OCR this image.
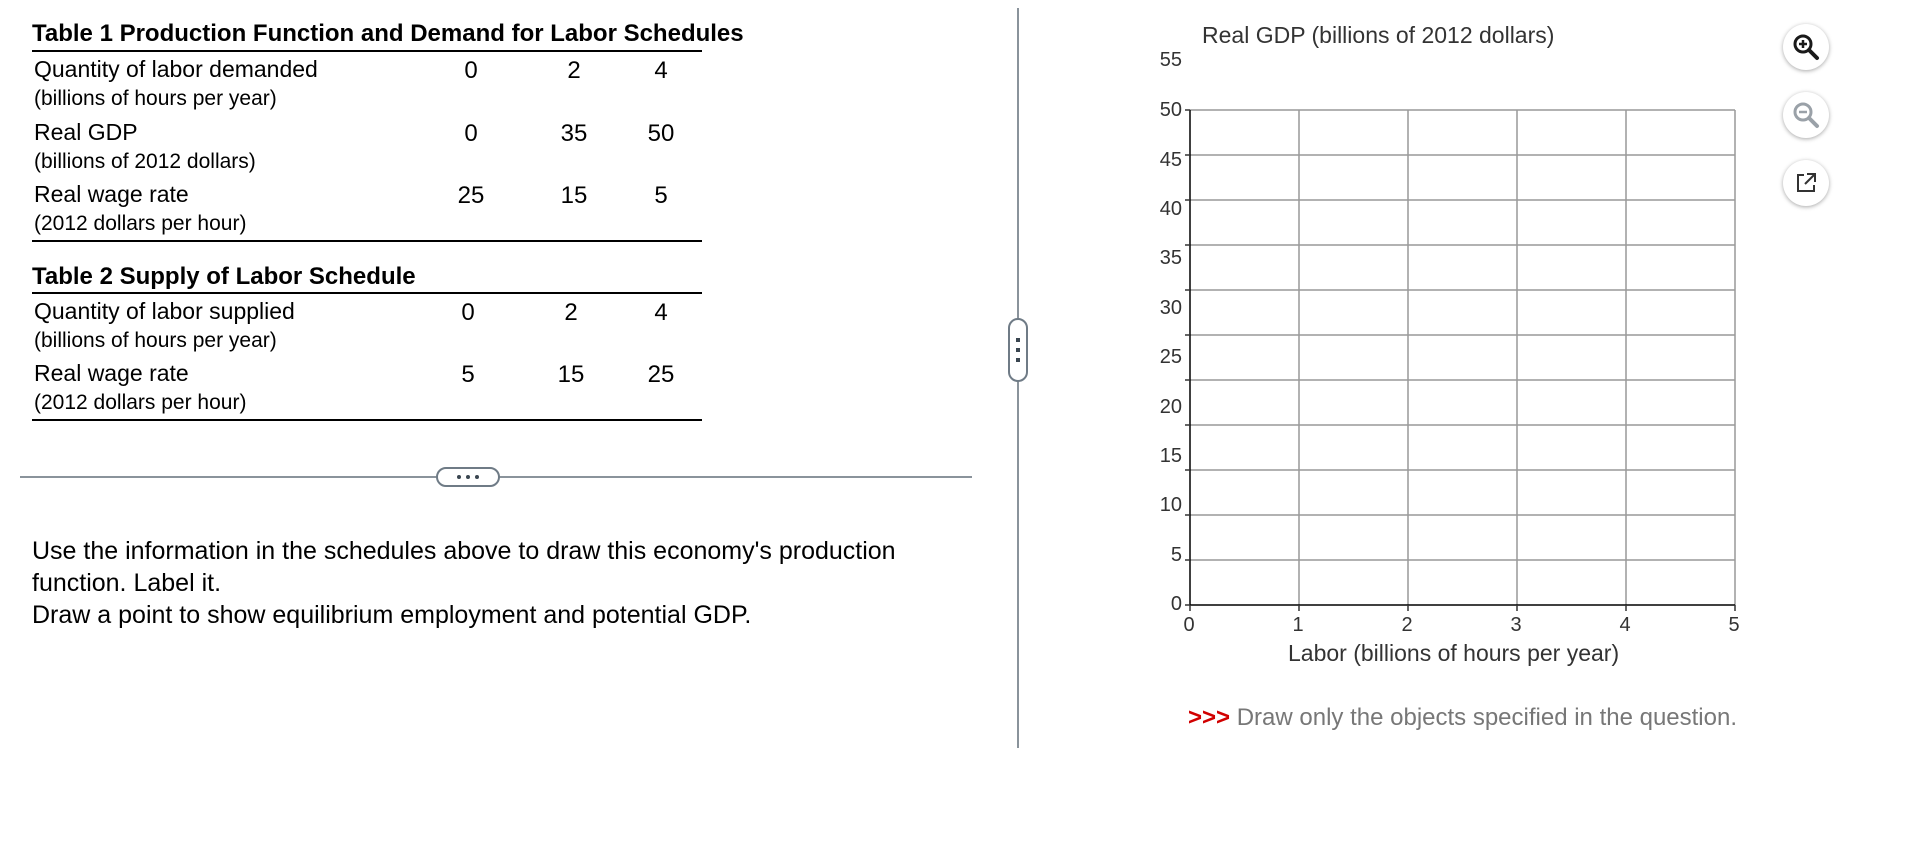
Table 1 Production Function and Demand for Labor Schedules
Quantity of labor demanded
(billions of hours per year)
0	2	4
Real GDP
(billions of 2012 dollars)
0	35	50
Real wage rate
(2012 dollars per hour)
25	15	5
Table 2 Supply of Labor Schedule
Quantity of labor supplied
(billions of hours per year)
0	2	4
Real wage rate
(2012 dollars per hour)
5	15	25
Use the information in the schedules above to draw this economy's production function. Label it.
Draw a point to show equilibrium employment and potential GDP.
Real GDP (billions of 2012 dollars)
55
50
45
40
35
30
25
20
15
10
5
0
0	1	2	3	4	5
Labor (billions of hours per year)
>>> Draw only the objects specified in the question.
